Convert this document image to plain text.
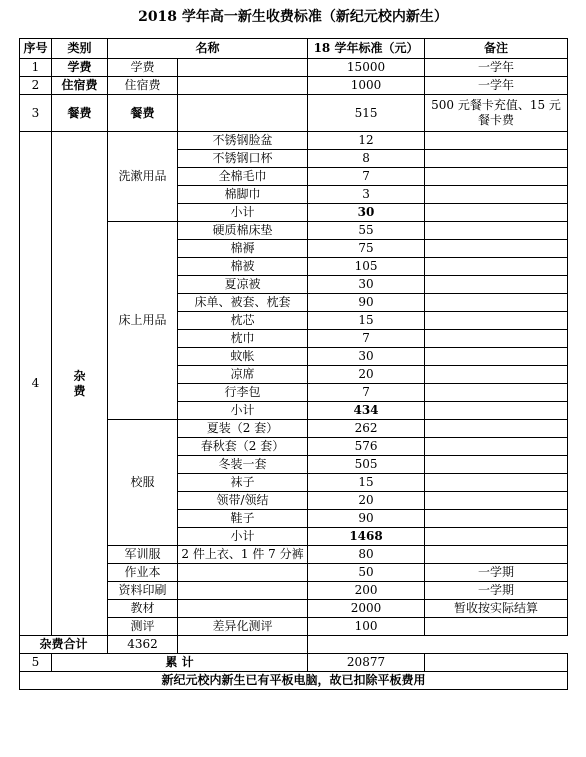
2018 学年高一新生收费标准（新纪元校内新生）
序号	类别	名称		18 学年标准（元）	备注
1	学费	学费		15000	一学年
2	住宿费	住宿费		1000	一学年
3	餐费	餐费		515	500 元餐卡充值、15 元餐卡费
4	杂费	洗漱用品	不锈钢脸盆	12	
			不锈钢口杯	8	
			全棉毛巾	7	
			棉脚巾	3	
			小计	30	
		床上用品	硬质棉床垫	55	
			棉褥	75	
			棉被	105	
			夏凉被	30	
			床单、被套、枕套	90	
			枕芯	15	
			枕巾	7	
			蚊帐	30	
			凉席	20	
			行李包	7	
			小计	434	
		校服	夏装（2 套）	262	
			春秋套（2 套）	576	
			冬装一套	505	
			袜子	15	
			领带/领结	20	
			鞋子	90	
			小计	1468	
		军训服	2 件上衣、1 件 7 分裤	80	
		作业本		50	一学期
		资料印刷		200	一学期
		教材		2000	暂收按实际结算
		测评	差异化测评	100	
杂费合计		4362			
5	累 计			20877	
新纪元校内新生已有平板电脑，故已扣除平板费用					
